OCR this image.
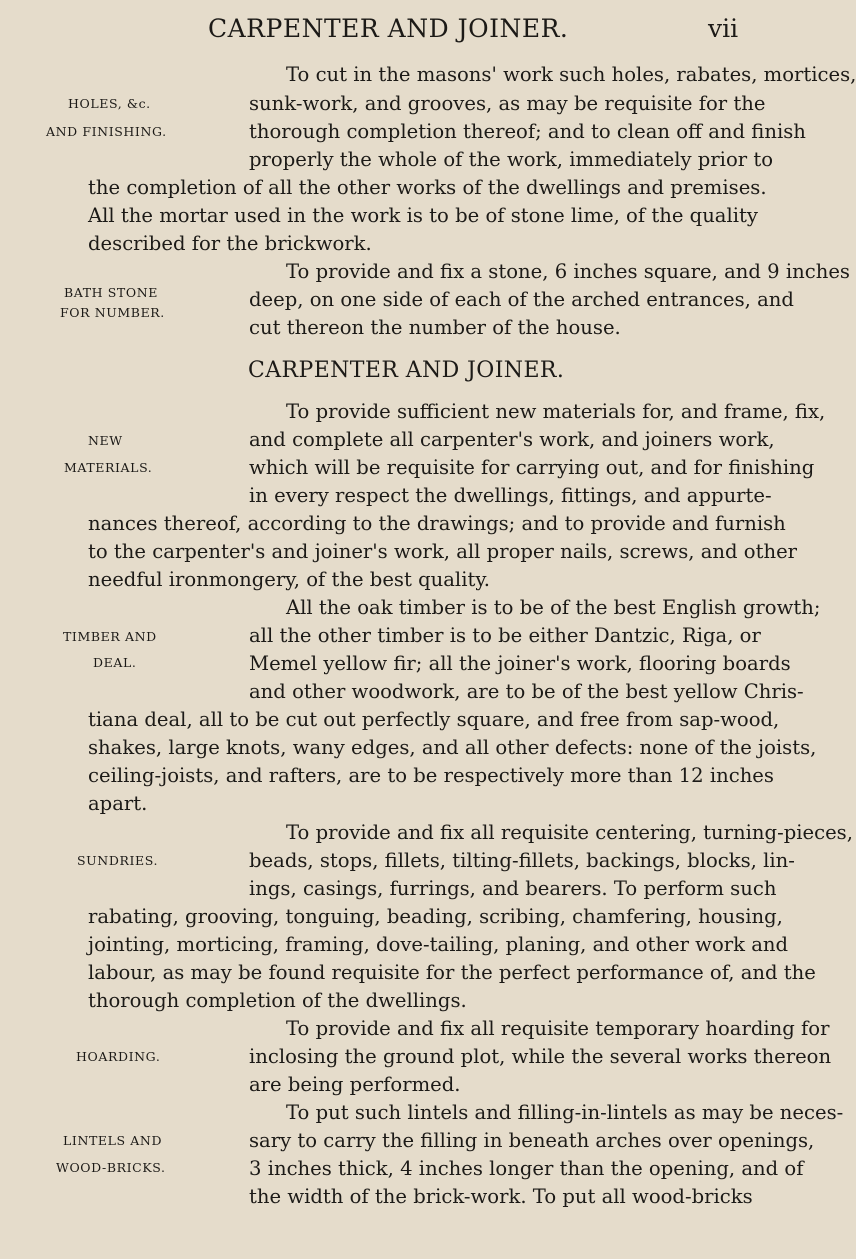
CARPENTER AND JOINER.	vii
To cut in the masons' work such holes, rabates, mortices,
sunk-work, and grooves, as may be requisite for the
thorough completion thereof; and to clean off and finish
properly the whole of the work, immediately prior to
the completion of all the other works of the dwellings and premises.
All the mortar used in the work is to be of stone lime, of the quality
described for the brickwork.
To provide and fix a stone, 6 inches square, and 9 inches
deep, on one side of each of the arched entrances, and
cut thereon the number of the house.
HOLES, &c.
AND FINISHING.
BATH STONE
FOR NUMBER.
CARPENTER AND JOINER.
To provide sufficient new materials for, and frame, fix,
and complete all carpenter's work, and joiners work,
which will be requisite for carrying out, and for finishing
in every respect the dwellings, fittings, and appurte-
nances thereof, according to the drawings; and to provide and furnish
to the carpenter's and joiner's work, all proper nails, screws, and other
needful ironmongery, of the best quality.
NEW
MATERIALS.
All the oak timber is to be of the best English growth;
all the other timber is to be either Dantzic, Riga, or
Memel yellow fir; all the joiner's work, flooring boards
and other woodwork, are to be of the best yellow Chris-
tiana deal, all to be cut out perfectly square, and free from sap-wood,
shakes, large knots, wany edges, and all other defects: none of the joists,
ceiling-joists, and rafters, are to be respectively more than 12 inches
apart.
TIMBER AND
DEAL.
To provide and fix all requisite centering, turning-pieces,
beads, stops, fillets, tilting-fillets, backings, blocks, lin-
ings, casings, furrings, and bearers. To perform such
rabating, grooving, tonguing, beading, scribing, chamfering, housing,
jointing, morticing, framing, dove-tailing, planing, and other work and
labour, as may be found requisite for the perfect performance of, and the
thorough completion of the dwellings.
SUNDRIES.
To provide and fix all requisite temporary hoarding for
inclosing the ground plot, while the several works thereon
are being performed.
HOARDING.
To put such lintels and filling-in-lintels as may be neces-
sary to carry the filling in beneath arches over openings,
3 inches thick, 4 inches longer than the opening, and of
the width of the brick-work. To put all wood-bricks
LINTELS AND
WOOD-BRICKS.
